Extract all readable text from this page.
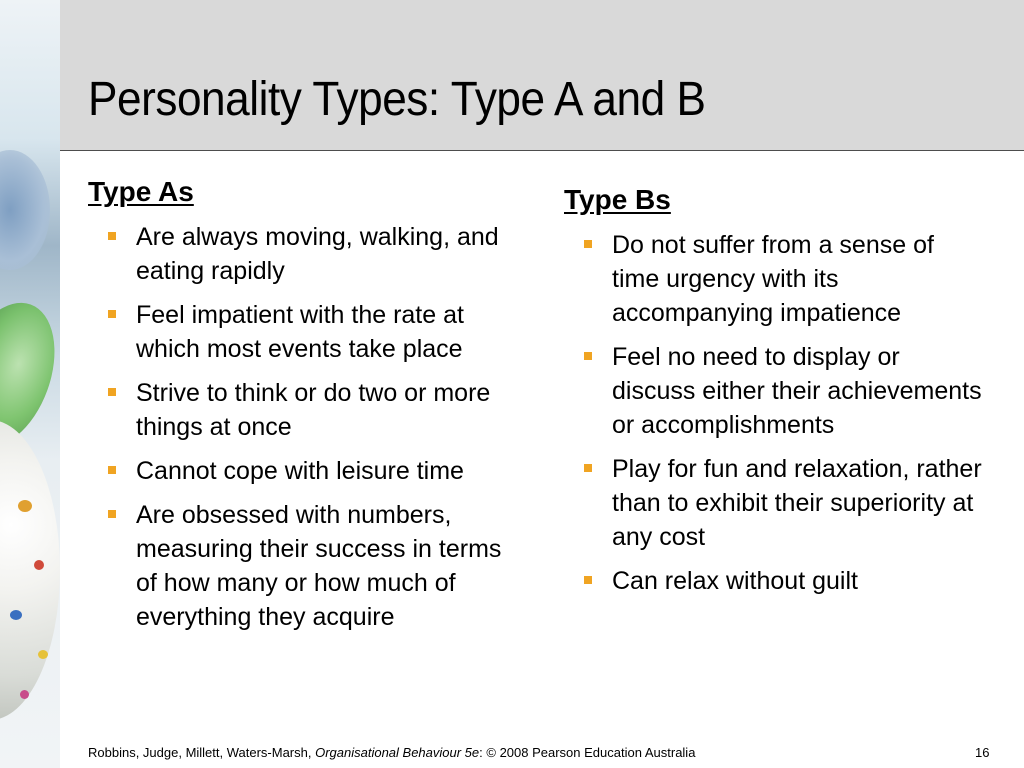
Personality Types: Type A and B
Type As
Are always moving, walking, and eating rapidly
Feel impatient with the rate at which most events take place
Strive to think or do two or more things at once
Cannot cope with leisure time
Are obsessed with numbers, measuring their success in terms of how many or how much of everything they acquire
Type Bs
Do not suffer from a sense of time urgency with its accompanying impatience
Feel no need to display or discuss either their achievements or accomplishments
Play for fun and relaxation, rather than to exhibit their superiority at any cost
Can relax without guilt
Robbins, Judge, Millett, Waters-Marsh, Organisational Behaviour 5e: © 2008 Pearson Education Australia	16
